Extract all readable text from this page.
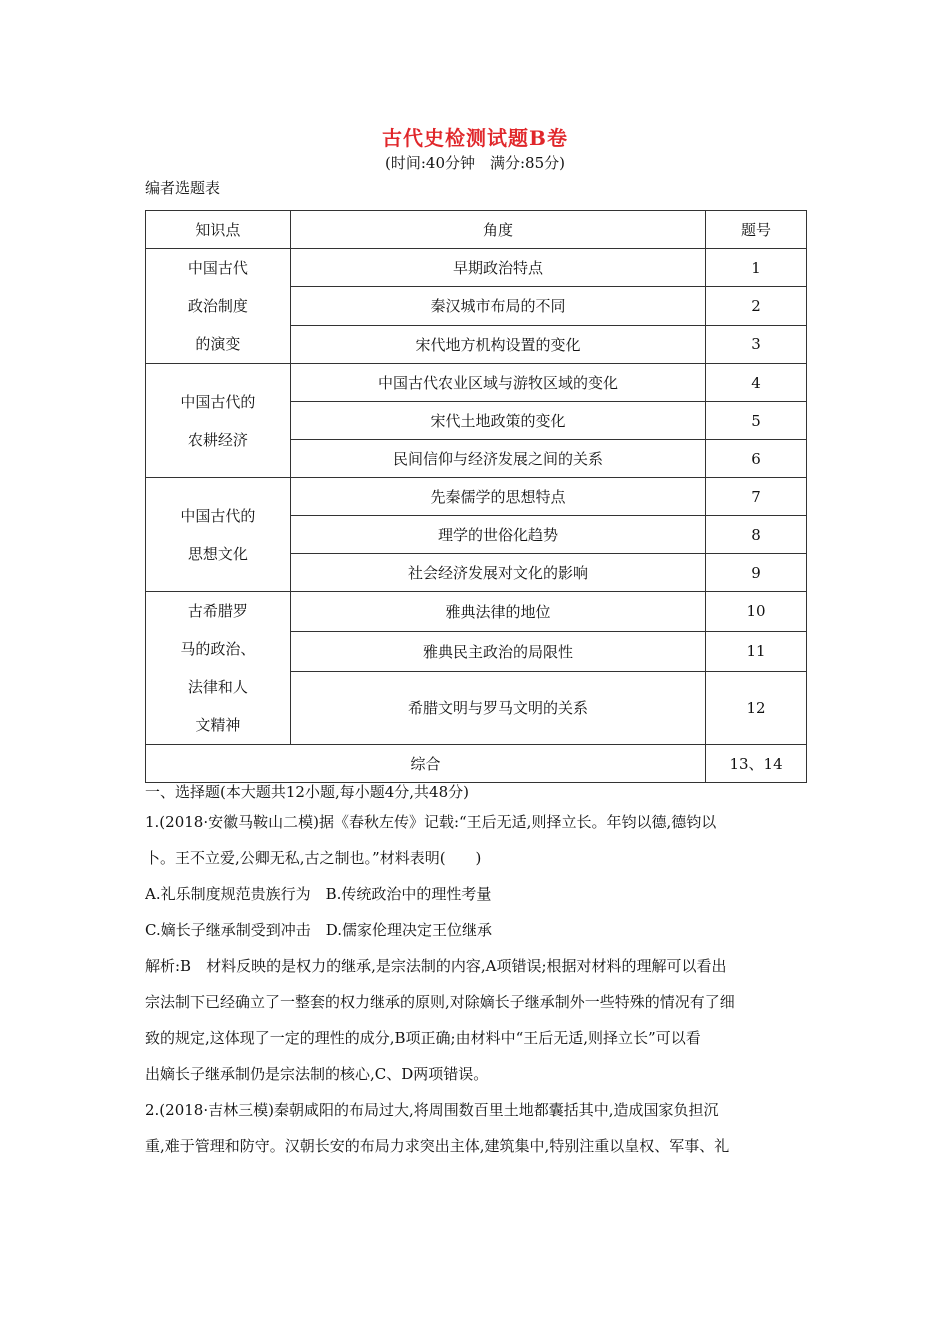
古代史检测试题B卷
(时间:40分钟　满分:85分)
编者选题表
知识点	角度	题号

中国古代
政治制度
的演变	早期政治特点	1
	秦汉城市布局的不同	2
	宋代地方机构设置的变化	3

中国古代的
农耕经济	中国古代农业区域与游牧区域的变化	4
	宋代土地政策的变化	5
	民间信仰与经济发展之间的关系	6

中国古代的
思想文化	先秦儒学的思想特点	7
	理学的世俗化趋势	8
	社会经济发展对文化的影响	9

古希腊罗
马的政治、
法律和人
文精神	雅典法律的地位	10
	雅典民主政治的局限性	11
	希腊文明与罗马文明的关系	12
综合		13、14

一、选择题(本大题共12小题,每小题4分,共48分)

1.(2018·安徽马鞍山二模)据《春秋左传》记载:“王后无适,则择立长。年钧以德,德钧以

卜。王不立爱,公卿无私,古之制也。”材料表明(　　)

A.礼乐制度规范贵族行为　B.传统政治中的理性考量

C.嫡长子继承制受到冲击　D.儒家伦理决定王位继承

解析:B　材料反映的是权力的继承,是宗法制的内容,A项错误;根据对材料的理解可以看出

宗法制下已经确立了一整套的权力继承的原则,对除嫡长子继承制外一些特殊的情况有了细

致的规定,这体现了一定的理性的成分,B项正确;由材料中“王后无适,则择立长”可以看

出嫡长子继承制仍是宗法制的核心,C、D两项错误。

2.(2018·吉林三模)秦朝咸阳的布局过大,将周围数百里土地都囊括其中,造成国家负担沉

重,难于管理和防守。汉朝长安的布局力求突出主体,建筑集中,特别注重以皇权、军事、礼
